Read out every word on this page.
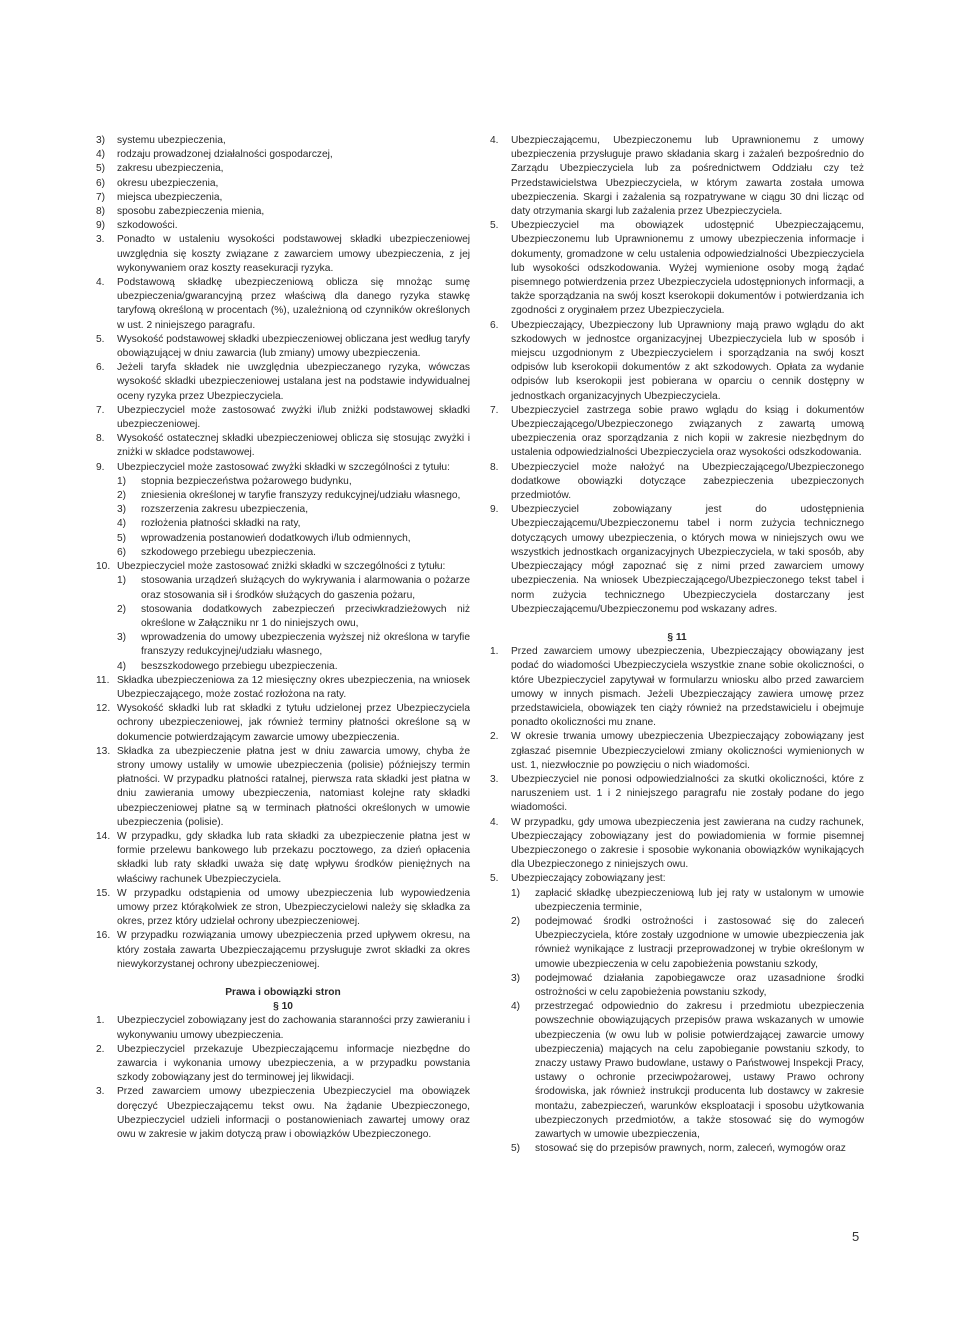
3)	systemu ubezpieczenia,
4)	rodzaju prowadzonej działalności gospodarczej,
5)	zakresu ubezpieczenia,
6)	okresu ubezpieczenia,
7)	miejsca ubezpieczenia,
8)	sposobu zabezpieczenia mienia,
9)	szkodowości.
3.	Ponadto w ustaleniu wysokości podstawowej składki ubezpieczeniowej uwzględnia się koszty związane z zawarciem umowy ubezpieczenia, z jej wykonywaniem oraz koszty reasekuracji ryzyka.
4.	Podstawową składkę ubezpieczeniową oblicza się mnożąc sumę ubezpieczenia/gwarancyjną przez właściwą dla danego ryzyka stawkę taryfową określoną w procentach (%), uzależnioną od czynników określonych w ust. 2 niniejszego paragrafu.
5.	Wysokość podstawowej składki ubezpieczeniowej obliczana jest według taryfy obowiązującej w dniu zawarcia (lub zmiany) umowy ubezpieczenia.
6.	Jeżeli taryfa składek nie uwzględnia ubezpieczanego ryzyka, wówczas wysokość składki ubezpieczeniowej ustalana jest na podstawie indywidualnej oceny ryzyka przez Ubezpieczyciela.
7.	Ubezpieczyciel może zastosować zwyżki i/lub zniżki podstawowej składki ubezpieczeniowej.
8.	Wysokość ostatecznej składki ubezpieczeniowej oblicza się stosując zwyżki i zniżki w składce podstawowej.
9.	Ubezpieczyciel może zastosować zwyżki składki w szczególności z tytułu:
1)	stopnia bezpieczeństwa pożarowego budynku,
2)	zniesienia określonej w taryfie franszyzy redukcyjnej/udziału własnego,
3)	rozszerzenia zakresu ubezpieczenia,
4)	rozłożenia płatności składki na raty,
5)	wprowadzenia postanowień dodatkowych i/lub odmiennych,
6)	szkodowego przebiegu ubezpieczenia.
10. Ubezpieczyciel może zastosować zniżki składki w szczególności z tytułu:
1)	stosowania urządzeń służących do wykrywania i alarmowania o pożarze oraz stosowania sił i środków służących do gaszenia pożaru,
2)	stosowania dodatkowych zabezpieczeń przeciwkradzieżowych niż określone w Załączniku nr 1 do niniejszych owu,
3)	wprowadzenia do umowy ubezpieczenia wyższej niż określona w taryfie franszyzy redukcyjnej/udziału własnego,
4)	beszszkodowego przebiegu ubezpieczenia.
11. Składka ubezpieczeniowa za 12 miesięczny okres ubezpieczenia, na wniosek Ubezpieczającego, może zostać rozłożona na raty.
12. Wysokość składki lub rat składki z tytułu udzielonej przez Ubezpieczyciela ochrony ubezpieczeniowej, jak również terminy płatności określone są w dokumencie potwierdzającym zawarcie umowy ubezpieczenia.
13. Składka za ubezpieczenie płatna jest w dniu zawarcia umowy, chyba że strony umowy ustaliły w umowie ubezpieczenia (polisie) późniejszy termin płatności. W przypadku płatności ratalnej, pierwsza rata składki jest płatna w dniu zawierania umowy ubezpieczenia, natomiast kolejne raty składki ubezpieczeniowej płatne są w terminach płatności określonych w umowie ubezpieczenia (polisie).
14. W przypadku, gdy składka lub rata składki za ubezpieczenie płatna jest w formie przelewu bankowego lub przekazu pocztowego, za dzień opłacenia składki lub raty składki uważa się datę wpływu środków pieniężnych na właściwy rachunek Ubezpieczyciela.
15. W przypadku odstąpienia od umowy ubezpieczenia lub wypowiedzenia umowy przez którąkolwiek ze stron, Ubezpieczycielowi należy się składka za okres, przez który udzielał ochrony ubezpieczeniowej.
16. W przypadku rozwiązania umowy ubezpieczenia przed upływem okresu, na który została zawarta Ubezpieczającemu przysługuje zwrot składki za okres niewykorzystanej ochrony ubezpieczeniowej.
Prawa i obowiązki stron
§ 10
1.	Ubezpieczyciel zobowiązany jest do zachowania staranności przy zawieraniu i wykonywaniu umowy ubezpieczenia.
2.	Ubezpieczyciel przekazuje Ubezpieczającemu informacje niezbędne do zawarcia i wykonania umowy ubezpieczenia, a w przypadku powstania szkody zobowiązany jest do terminowej jej likwidacji.
3.	Przed zawarciem umowy ubezpieczenia Ubezpieczyciel ma obowiązek doręczyć Ubezpieczającemu tekst owu. Na żądanie Ubezpieczonego, Ubezpieczyciel udzieli informacji o postanowieniach zawartej umowy oraz owu w zakresie w jakim dotyczą praw i obowiązków Ubezpieczonego.
4.	Ubezpieczającemu, Ubezpieczonemu lub Uprawnionemu z umowy ubezpieczenia przysługuje prawo składania skarg i zażaleń bezpośrednio do Zarządu Ubezpieczyciela lub za pośrednictwem Oddziału czy też Przedstawicielstwa Ubezpieczyciela, w którym zawarta została umowa ubezpieczenia. Skargi i zażalenia są rozpatrywane w ciągu 30 dni licząc od daty otrzymania skargi lub zażalenia przez Ubezpieczyciela.
5.	Ubezpieczyciel ma obowiązek udostępnić Ubezpieczającemu, Ubezpieczonemu lub Uprawnionemu z umowy ubezpieczenia informacje i dokumenty, gromadzone w celu ustalenia odpowiedzialności Ubezpieczyciela lub wysokości odszkodowania. Wyżej wymienione osoby mogą żądać pisemnego potwierdzenia przez Ubezpieczyciela udostępnionych informacji, a także sporządzania na swój koszt kserokopii dokumentów i potwierdzania ich zgodności z oryginałem przez Ubezpieczyciela.
6.	Ubezpieczający, Ubezpieczony lub Uprawniony mają prawo wglądu do akt szkodowych w jednostce organizacyjnej Ubezpieczyciela lub w sposób i miejscu uzgodnionym z Ubezpieczycielem i sporządzania na swój koszt odpisów lub kserokopii dokumentów z akt szkodowych. Opłata za wydanie odpisów lub kserokopii jest pobierana w oparciu o cennik dostępny w jednostkach organizacyjnych Ubezpieczyciela.
7.	Ubezpieczyciel zastrzega sobie prawo wglądu do ksiąg i dokumentów Ubezpieczającego/Ubezpieczonego związanych z zawartą umową ubezpieczenia oraz sporządzania z nich kopii w zakresie niezbędnym do ustalenia odpowiedzialności Ubezpieczyciela oraz wysokości odszkodowania.
8.	Ubezpieczyciel może nałożyć na Ubezpieczającego/Ubezpieczonego dodatkowe obowiązki dotyczące zabezpieczenia ubezpieczonych przedmiotów.
9.	Ubezpieczyciel zobowiązany jest do udostępnienia Ubezpieczającemu/Ubezpieczonemu tabel i norm zużycia technicznego dotyczących umowy ubezpieczenia, o których mowa w niniejszych owu we wszystkich jednostkach organizacyjnych Ubezpieczyciela, w taki sposób, aby Ubezpieczający mógł zapoznać się z nimi przed zawarciem umowy ubezpieczenia. Na wniosek Ubezpieczającego/Ubezpieczonego tekst tabel i norm zużycia technicznego Ubezpieczyciela dostarczany jest Ubezpieczającemu/Ubezpieczonemu pod wskazany adres.
§ 11
1.	Przed zawarciem umowy ubezpieczenia, Ubezpieczający obowiązany jest podać do wiadomości Ubezpieczyciela wszystkie znane sobie okoliczności, o które Ubezpieczyciel zapytywał w formularzu wniosku albo przed zawarciem umowy w innych pismach. Jeżeli Ubezpieczający zawiera umowę przez przedstawiciela, obowiązek ten ciąży również na przedstawicielu i obejmuje ponadto okoliczności mu znane.
2.	W okresie trwania umowy ubezpieczenia Ubezpieczający zobowiązany jest zgłaszać pisemnie Ubezpieczycielowi zmiany okoliczności wymienionych w ust. 1, niezwłocznie po powzięciu o nich wiadomości.
3.	Ubezpieczyciel nie ponosi odpowiedzialności za skutki okoliczności, które z naruszeniem ust. 1 i 2 niniejszego paragrafu nie zostały podane do jego wiadomości.
4.	W przypadku, gdy umowa ubezpieczenia jest zawierana na cudzy rachunek, Ubezpieczający zobowiązany jest do powiadomienia w formie pisemnej Ubezpieczonego o zakresie i sposobie wykonania obowiązków wynikających dla Ubezpieczonego z niniejszych owu.
5.	Ubezpieczający zobowiązany jest:
1)	zapłacić składkę ubezpieczeniową lub jej raty w ustalonym w umowie ubezpieczenia terminie,
2)	podejmować środki ostrożności i zastosować się do zaleceń Ubezpieczyciela, które zostały uzgodnione w umowie ubezpieczenia jak również wynikające z lustracji przeprowadzonej w trybie określonym w umowie ubezpieczenia w celu zapobieżenia powstaniu szkody,
3)	podejmować działania zapobiegawcze oraz uzasadnione środki ostrożności w celu zapobieżenia powstaniu szkody,
4)	przestrzegać odpowiednio do zakresu i przedmiotu ubezpieczenia powszechnie obowiązujących przepisów prawa wskazanych w umowie ubezpieczenia (w owu lub w polisie potwierdzającej zawarcie umowy ubezpieczenia) mających na celu zapobieganie powstaniu szkody, to znaczy ustawy Prawo budowlane, ustawy o Państwowej Inspekcji Pracy, ustawy o ochronie przeciwpożarowej, ustawy Prawo ochrony środowiska, jak również instrukcji producenta lub dostawcy w zakresie montażu, zabezpieczeń, warunków eksploatacji i sposobu użytkowania ubezpieczonych przedmiotów, a także stosować się do wymogów zawartych w umowie ubezpieczenia,
5)	stosować się do przepisów prawnych, norm, zaleceń, wymogów oraz
5
